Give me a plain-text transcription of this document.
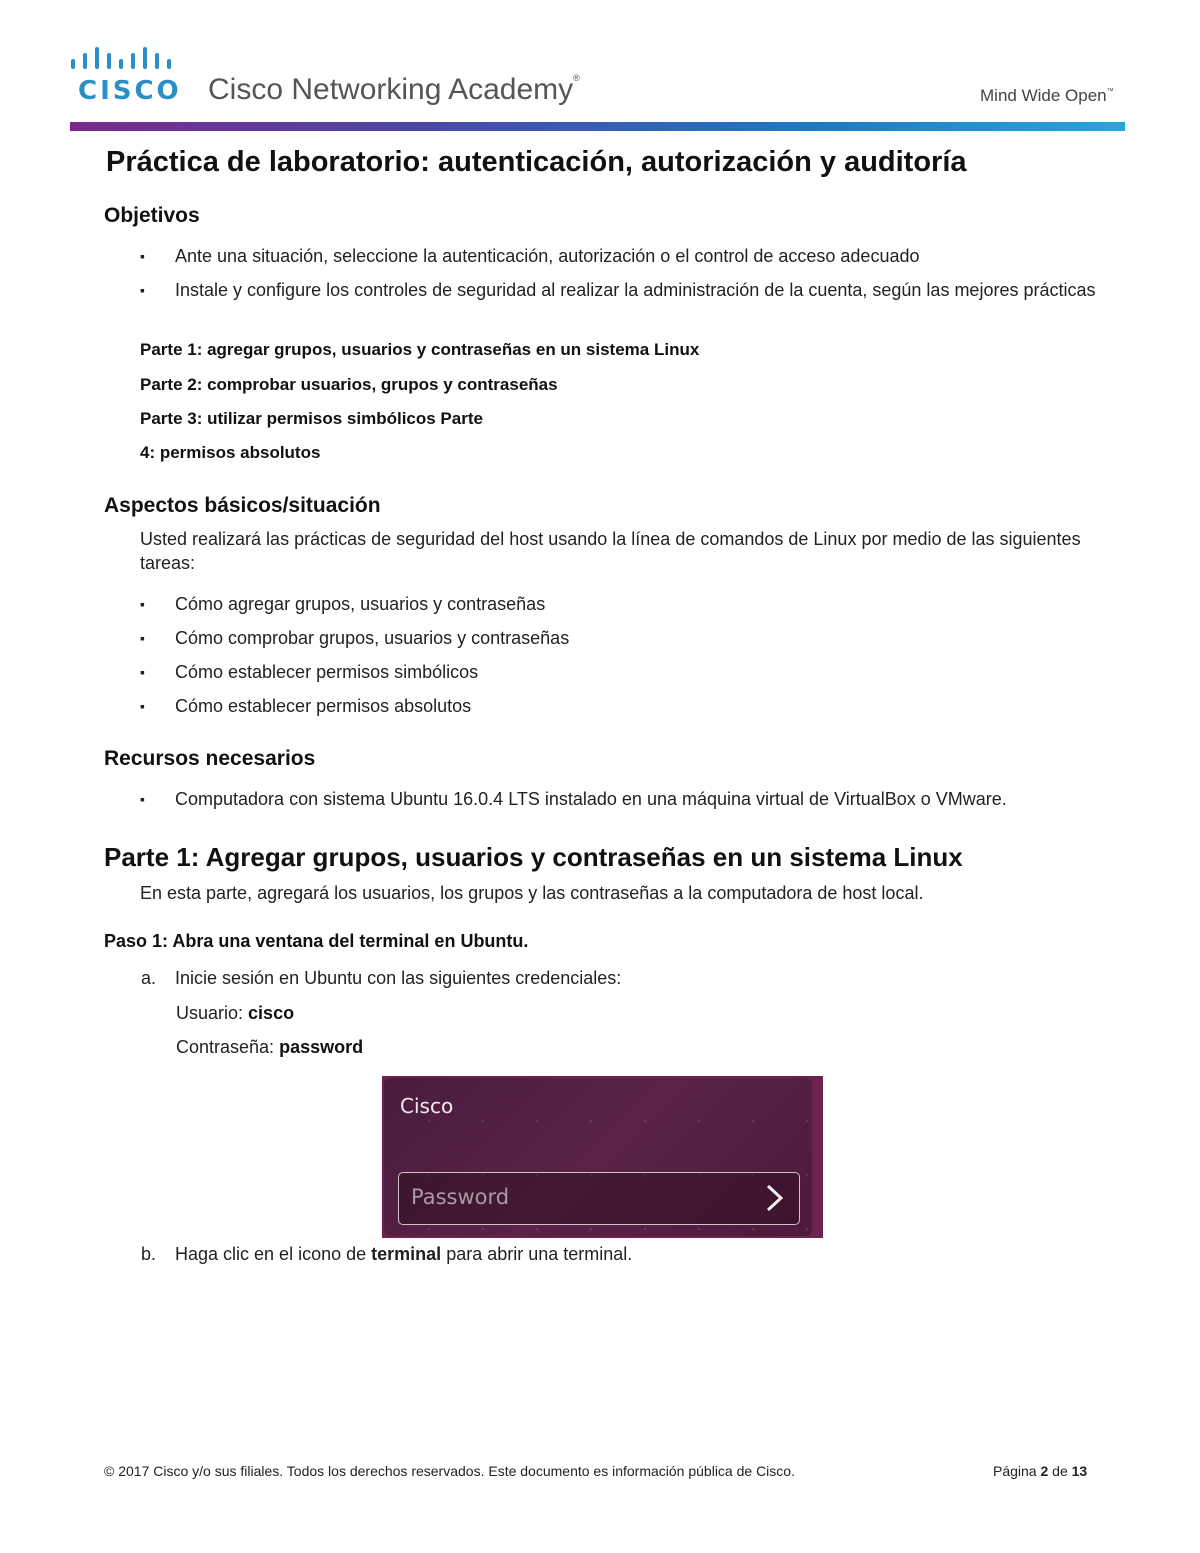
CISCO Cisco Networking Academy®
Mind Wide Open™
Práctica de laboratorio: autenticación, autorización y auditoría
Objetivos
▪ Ante una situación, seleccione la autenticación, autorización o el control de acceso adecuado
▪ Instale y configure los controles de seguridad al realizar la administración de la cuenta, según las mejores prácticas
Parte 1: agregar grupos, usuarios y contraseñas en un sistema Linux
Parte 2: comprobar usuarios, grupos y contraseñas
Parte 3: utilizar permisos simbólicos Parte
4: permisos absolutos
Aspectos básicos/situación
Usted realizará las prácticas de seguridad del host usando la línea de comandos de Linux por medio de las siguientes tareas:
▪ Cómo agregar grupos, usuarios y contraseñas
▪ Cómo comprobar grupos, usuarios y contraseñas
▪ Cómo establecer permisos simbólicos
▪ Cómo establecer permisos absolutos
Recursos necesarios
▪ Computadora con sistema Ubuntu 16.0.4 LTS instalado en una máquina virtual de VirtualBox o VMware.
Parte 1: Agregar grupos, usuarios y contraseñas en un sistema Linux
En esta parte, agregará los usuarios, los grupos y las contraseñas a la computadora de host local.
Paso 1: Abra una ventana del terminal en Ubuntu.
a. Inicie sesión en Ubuntu con las siguientes credenciales:
Usuario: cisco
Contraseña: password
Cisco
Password
b. Haga clic en el icono de terminal para abrir una terminal.
© 2017 Cisco y/o sus filiales. Todos los derechos reservados. Este documento es información pública de Cisco.	Página 2 de 13
